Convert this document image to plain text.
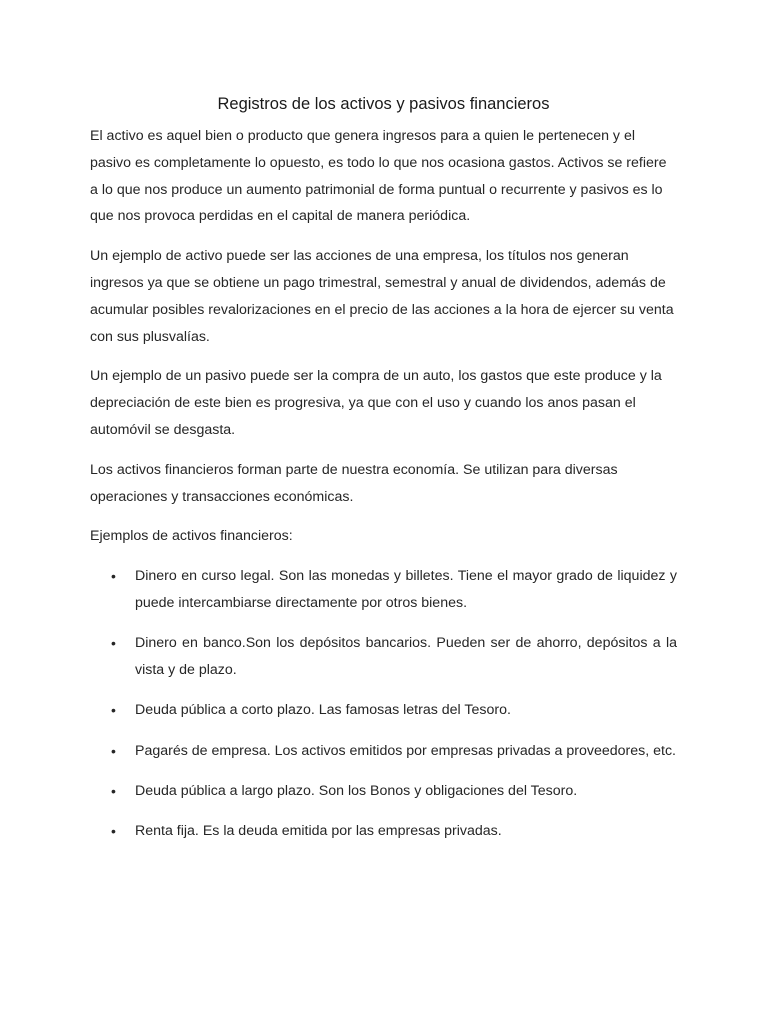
Registros de los activos y pasivos financieros

El activo es aquel bien o producto que genera ingresos para a quien le pertenecen y el pasivo es completamente lo opuesto, es todo lo que nos ocasiona gastos. Activos se refiere a lo que nos produce un aumento patrimonial de forma puntual o recurrente y pasivos es lo que nos provoca perdidas en el capital de manera periódica.

Un ejemplo de activo puede ser las acciones de una empresa, los títulos nos generan ingresos ya que se obtiene un pago trimestral, semestral y anual de dividendos, además de acumular posibles revalorizaciones en el precio de las acciones a la hora de ejercer su venta con sus plusvalías.

Un ejemplo de un pasivo puede ser la compra de un auto, los gastos que este produce y la depreciación de este bien es progresiva, ya que con el uso y cuando los anos pasan el automóvil se desgasta.

Los activos financieros forman parte de nuestra economía. Se utilizan para diversas operaciones y transacciones económicas.

Ejemplos de activos financieros:

• Dinero en curso legal. Son las monedas y billetes. Tiene el mayor grado de liquidez y puede intercambiarse directamente por otros bienes.
• Dinero en banco.Son los depósitos bancarios. Pueden ser de ahorro, depósitos a la vista y de plazo.
• Deuda pública a corto plazo. Las famosas letras del Tesoro.
• Pagarés de empresa. Los activos emitidos por empresas privadas a proveedores, etc.
• Deuda pública a largo plazo. Son los Bonos y obligaciones del Tesoro.
• Renta fija. Es la deuda emitida por las empresas privadas.
